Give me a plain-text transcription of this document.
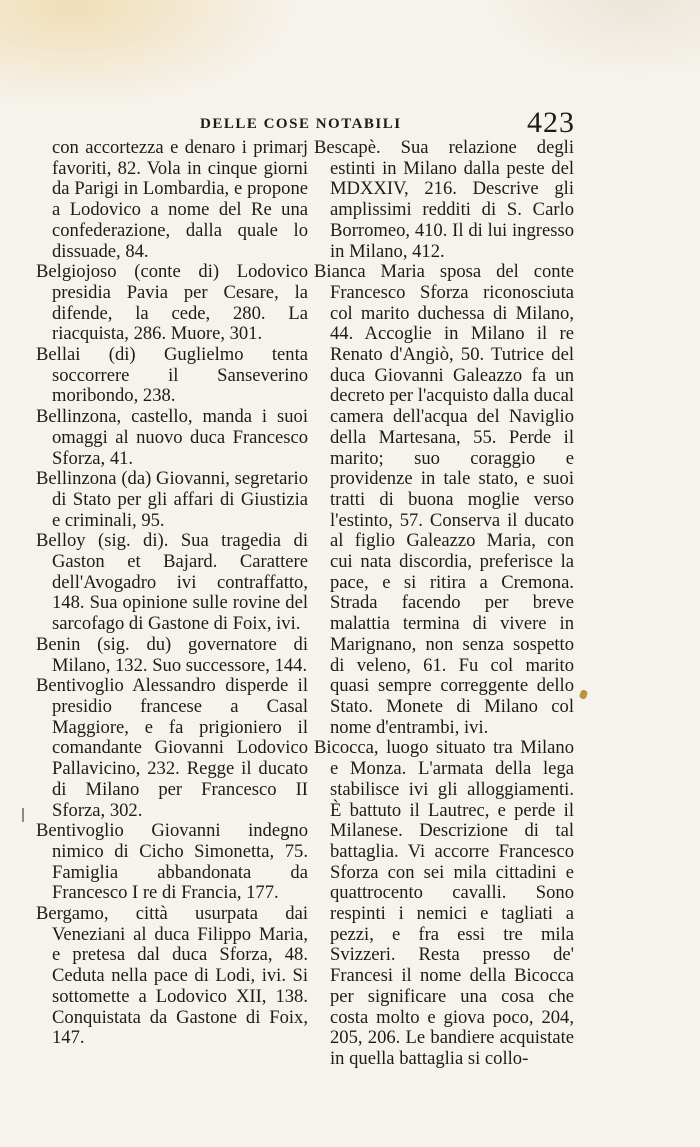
DELLE COSE NOTABILI	423

con accortezza e denaro i primarj favoriti, 82. Vola in cinque giorni da Parigi in Lombardia, e propone a Lodovico a nome del Re una confederazione, dalla quale lo dissuade, 84.

Belgiojoso (conte di) Lodovico presidia Pavia per Cesare, la difende, la cede, 280. La riacquista, 286. Muore, 301.

Bellai (di) Guglielmo tenta soccorrere il Sanseverino moribondo, 238.

Bellinzona, castello, manda i suoi omaggi al nuovo duca Francesco Sforza, 41.

Bellinzona (da) Giovanni, segretario di Stato per gli affari di Giustizia e criminali, 95.

Belloy (sig. di). Sua tragedia di Gaston et Bajard. Carattere dell'Avogadro ivi contraffatto, 148. Sua opinione sulle rovine del sarcofago di Gastone di Foix, ivi.

Benin (sig. du) governatore di Milano, 132. Suo successore, 144.

Bentivoglio Alessandro disperde il presidio francese a Casal Maggiore, e fa prigioniero il comandante Giovanni Lodovico Pallavicino, 232. Regge il ducato di Milano per Francesco II Sforza, 302.

Bentivoglio Giovanni indegno nimico di Cicho Simonetta, 75. Famiglia abbandonata da Francesco I re di Francia, 177.

Bergamo, città usurpata dai Veneziani al duca Filippo Maria, e pretesa dal duca Sforza, 48. Ceduta nella pace di Lodi, ivi. Si sottomette a Lodovico XII, 138. Conquistata da Gastone di Foix, 147.

Bescapè. Sua relazione degli estinti in Milano dalla peste del MDXXIV, 216. Descrive gli amplissimi redditi di S. Carlo Borromeo, 410. Il di lui ingresso in Milano, 412.

Bianca Maria sposa del conte Francesco Sforza riconosciuta col marito duchessa di Milano, 44. Accoglie in Milano il re Renato d'Angiò, 50. Tutrice del duca Giovanni Galeazzo fa un decreto per l'acquisto dalla ducal camera dell'acqua del Naviglio della Martesana, 55. Perde il marito; suo coraggio e providenze in tale stato, e suoi tratti di buona moglie verso l'estinto, 57. Conserva il ducato al figlio Galeazzo Maria, con cui nata discordia, preferisce la pace, e si ritira a Cremona. Strada facendo per breve malattia termina di vivere in Marignano, non senza sospetto di veleno, 61. Fu col marito quasi sempre correggente dello Stato. Monete di Milano col nome d'entrambi, ivi.

Bicocca, luogo situato tra Milano e Monza. L'armata della lega stabilisce ivi gli alloggiamenti. È battuto il Lautrec, e perde il Milanese. Descrizione di tal battaglia. Vi accorre Francesco Sforza con sei mila cittadini e quattrocento cavalli. Sono respinti i nemici e tagliati a pezzi, e fra essi tre mila Svizzeri. Resta presso de' Francesi il nome della Bicocca per significare una cosa che costa molto e giova poco, 204, 205, 206. Le bandiere acquistate in quella battaglia si collo-
